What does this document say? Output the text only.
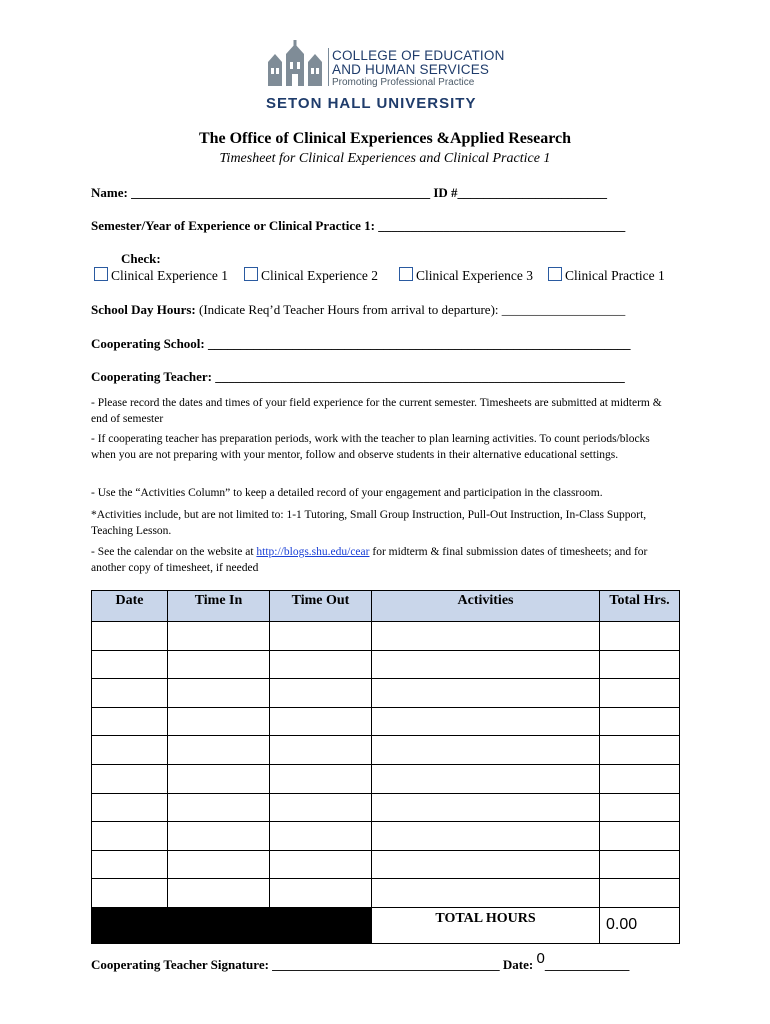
COLLEGE OF EDUCATION
AND HUMAN SERVICES
Promoting Professional Practice
SETON HALL UNIVERSITY
The Office of Clinical Experiences &Applied Research
Timesheet for Clinical Experiences and Clinical Practice 1
Name: ______________________________________________ ID #_______________________
Semester/Year of Experience or Clinical Practice 1: ______________________________________
Check:
Clinical Experience 1	Clinical Experience 2	Clinical Experience 3	Clinical Practice 1
School Day Hours: (Indicate Req’d Teacher Hours from arrival to departure): ___________________
Cooperating School: _________________________________________________________________
Cooperating Teacher: _______________________________________________________________
- Please record the dates and times of your field experience for the current semester. Timesheets are submitted at midterm & end of semester
- If cooperating teacher has preparation periods, work with the teacher to plan learning activities. To count periods/blocks when you are not preparing with your mentor, follow and observe students in their alternative educational settings.
- Use the “Activities Column” to keep a detailed record of your engagement and participation in the classroom.
*Activities include, but are not limited to: 1-1 Tutoring, Small Group Instruction, Pull-Out Instruction, In-Class Support, Teaching Lesson.
- See the calendar on the website at http://blogs.shu.edu/cear for midterm & final submission dates of timesheets; and for another copy of timesheet, if needed
Date	Time In	Time Out	Activities	Total Hrs.

			TOTAL HOURS	0.00
Cooperating Teacher Signature: ___________________________________ Date: 0_____________
